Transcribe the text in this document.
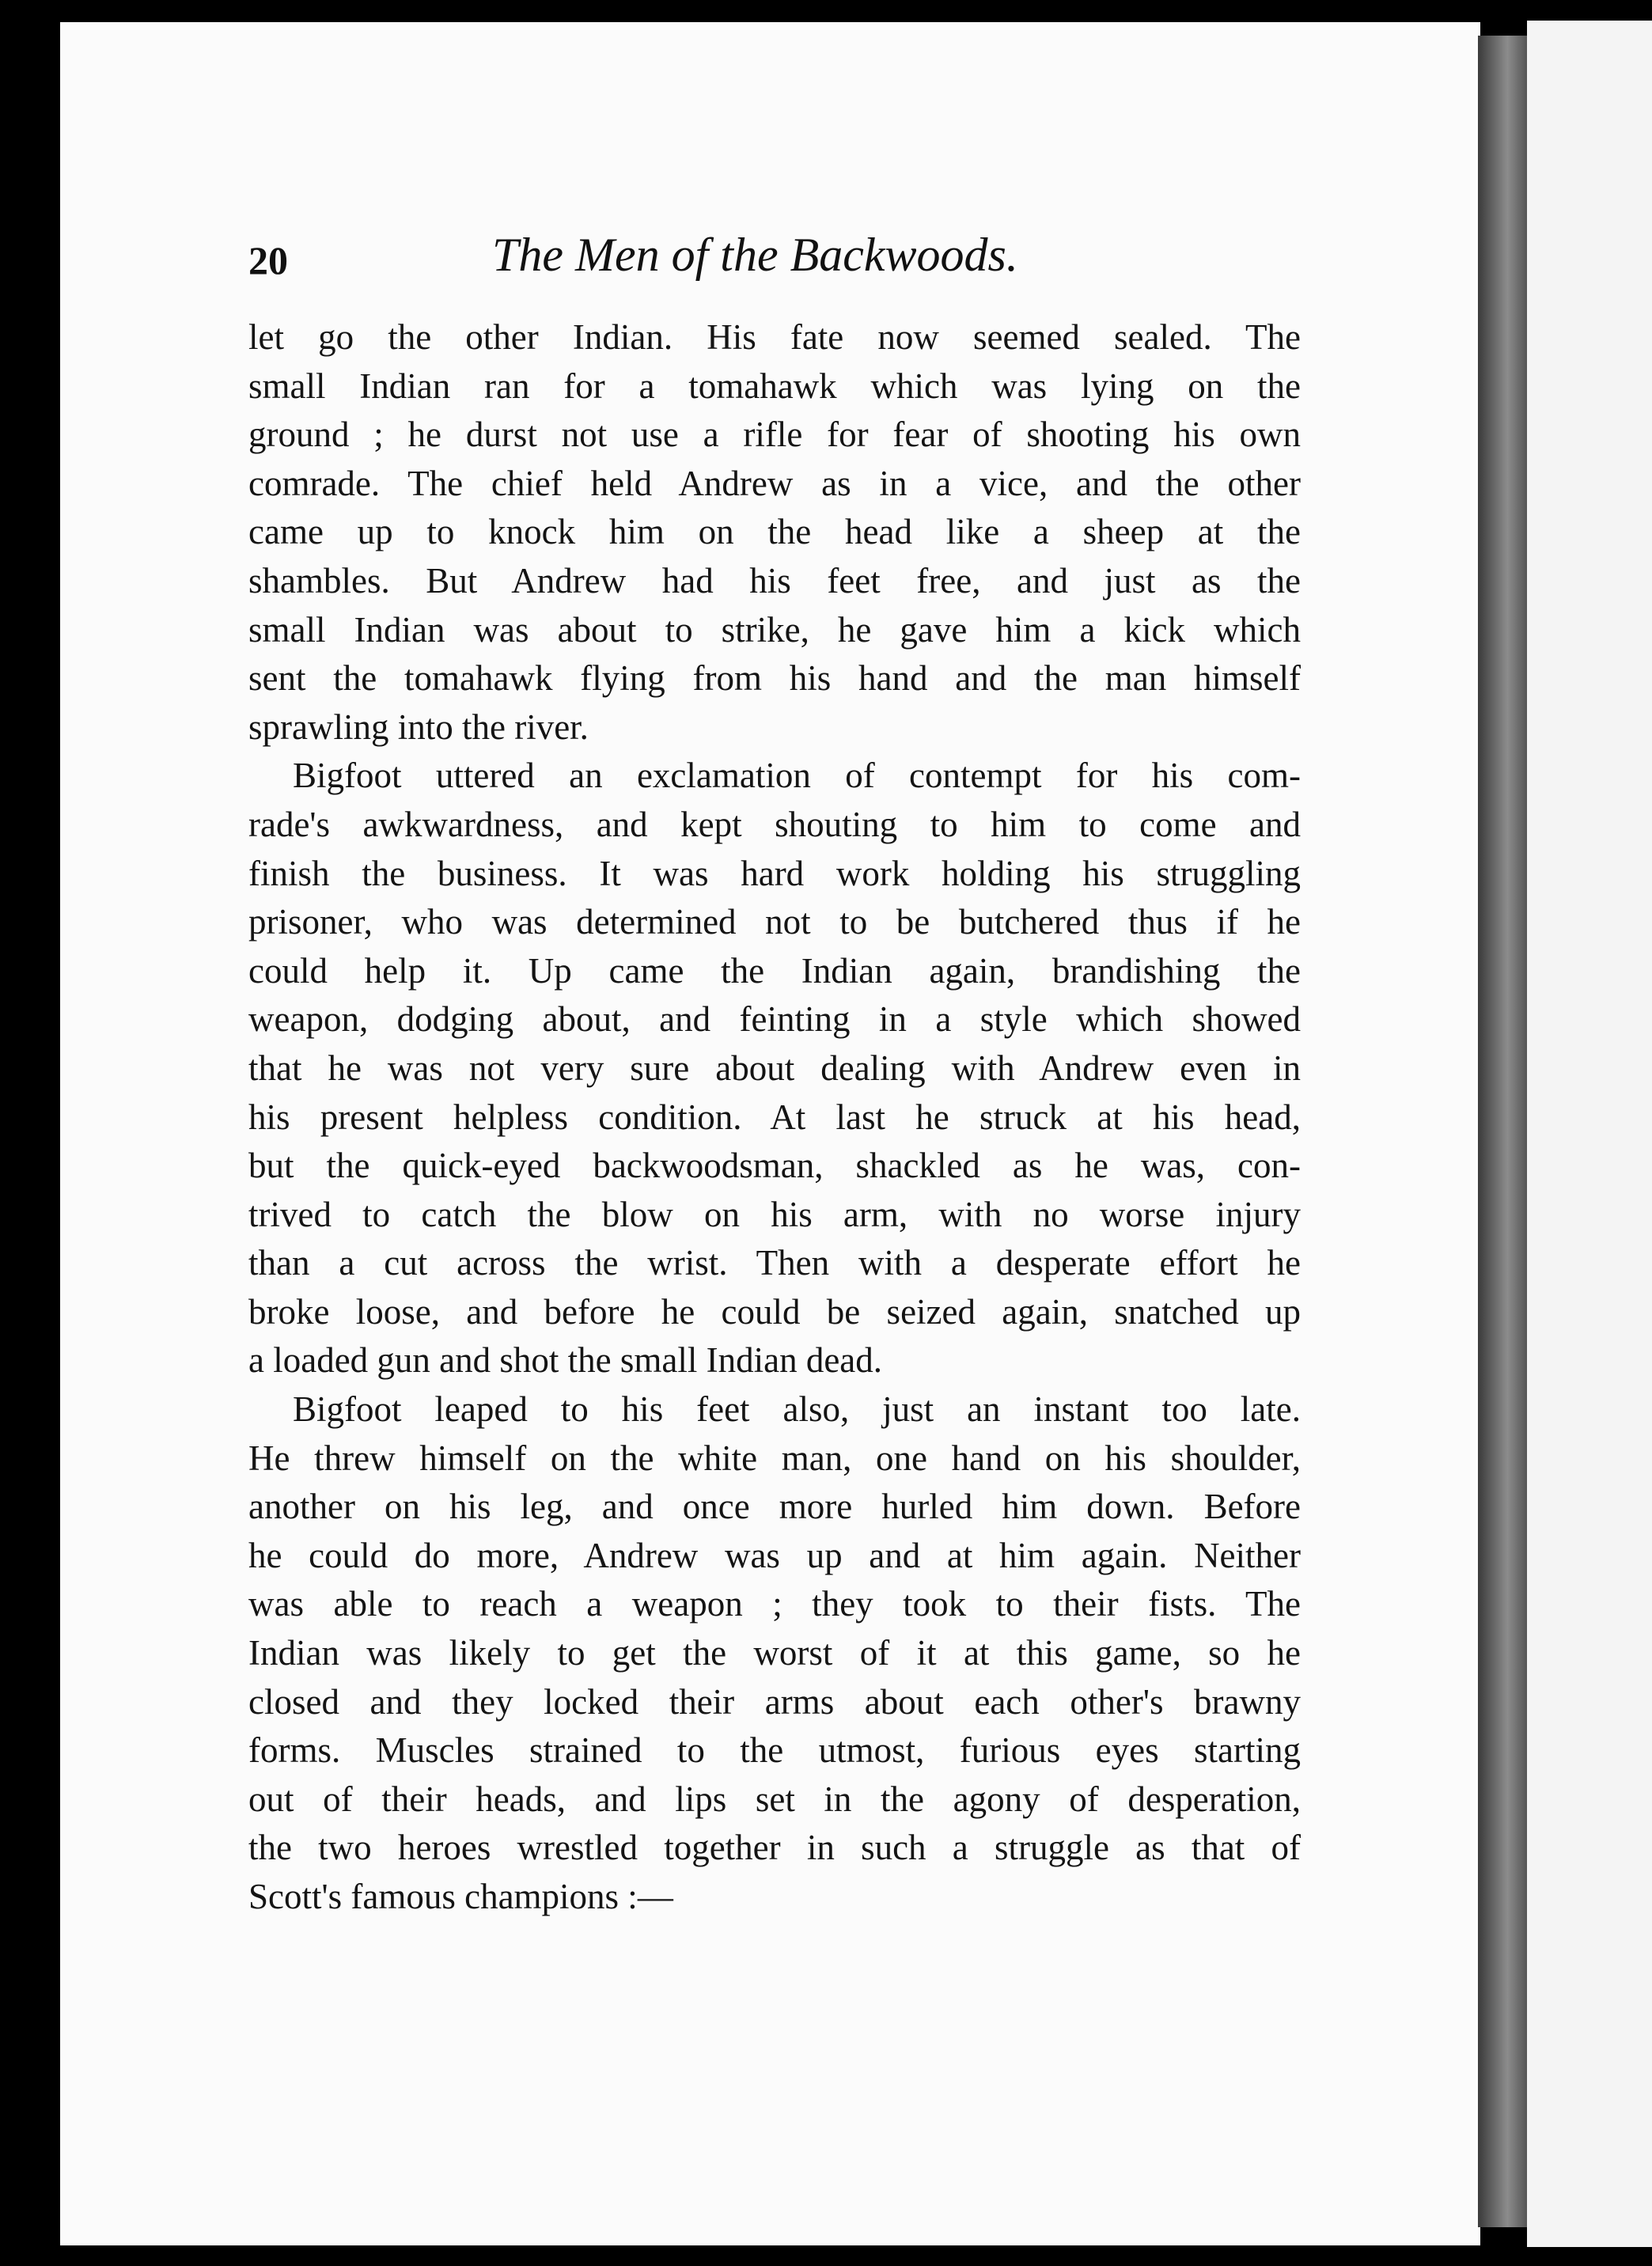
20	The Men of the Backwoods.
let go the other Indian. His fate now seemed sealed. The
small Indian ran for a tomahawk which was lying on the
ground ; he durst not use a rifle for fear of shooting his own
comrade. The chief held Andrew as in a vice, and the other
came up to knock him on the head like a sheep at the
shambles. But Andrew had his feet free, and just as the
small Indian was about to strike, he gave him a kick which
sent the tomahawk flying from his hand and the man himself
sprawling into the river.
Bigfoot uttered an exclamation of contempt for his com-
rade's awkwardness, and kept shouting to him to come and
finish the business. It was hard work holding his struggling
prisoner, who was determined not to be butchered thus if he
could help it. Up came the Indian again, brandishing the
weapon, dodging about, and feinting in a style which showed
that he was not very sure about dealing with Andrew even in
his present helpless condition. At last he struck at his head,
but the quick-eyed backwoodsman, shackled as he was, con-
trived to catch the blow on his arm, with no worse injury
than a cut across the wrist. Then with a desperate effort he
broke loose, and before he could be seized again, snatched up
a loaded gun and shot the small Indian dead.
Bigfoot leaped to his feet also, just an instant too late.
He threw himself on the white man, one hand on his shoulder,
another on his leg, and once more hurled him down. Before
he could do more, Andrew was up and at him again. Neither
was able to reach a weapon ; they took to their fists. The
Indian was likely to get the worst of it at this game, so he
closed and they locked their arms about each other's brawny
forms. Muscles strained to the utmost, furious eyes starting
out of their heads, and lips set in the agony of desperation,
the two heroes wrestled together in such a struggle as that of
Scott's famous champions :—
